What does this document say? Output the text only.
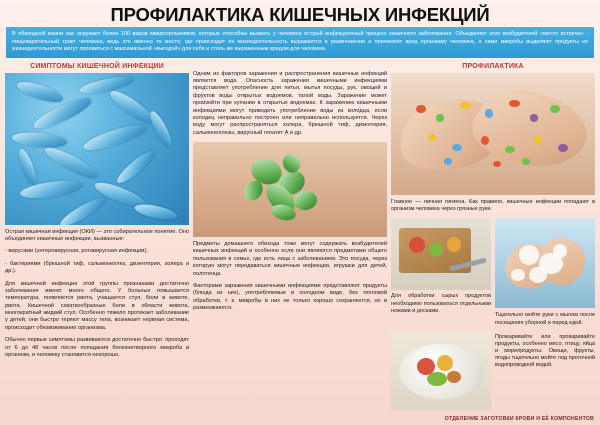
ПРОФИЛАКТИКА КИШЕЧНЫХ ИНФЕКЦИЙ
В обиходной жизни нас окружает более 100 видов микроорганизмов, которые способны вызвать у человека острый инфекционный процесс кишечного заболевания. Объединяет этих возбудителей «место встречи» - пищеварительный тракт человека, ведь это именно то место, где происходит их жизнедеятельность выражается в размножении и причиняют вред организму человека, а сами микробы выделяют продукты их жизнедеятельности могут проявиться с максимальной «выгодой» для себя и столь же выраженным вредом для человека.
СИМПТОМЫ КИШЕЧНОЙ ИНФЕКЦИИ
Острая кишечная инфекция (ОКИ) — это собирательное понятие. Оно объединяет кишечные инфекции, вызванные:
- вирусами (энтеровирусная, ротавирусная инфекции);
- бактериями (брюшной тиф, сальмонеллез, дизентерия, холера и др.).
Для кишечной инфекции этой группы признаками достаточно заболевания имеют много общего. У больных повышается температура, появляется рвота, учащается стул, боли в животе, рвота. Кишечной схваткообразные боли в области живота, многократный жидкий стул. Особенно тяжело протекает заболевание у детей, они быстро теряют массу тела, возникает нервная система, происходит обезвоживание организма.
Обычно первые симптомы развиваются достаточно быстро: проходят от 6 до 48 часов после попадания болезнетворного микроба в организм, и человеку становится нехорошо.
Одним из факторов заражения и распространения кишечных инфекций является вода. Опасность заражения кишечными инфекциями представляет употребление для питья, мытья посуды, рук, овощей и фруктов воды открытых водоемов, талой воды. Заражение может произойти при купании в открытых водоемах. К заражению кишечными инфекциями могут приводить употребление воды из колодца, если колодец неправильно построен или неправильно используется. Через воду могут распространяться холера, брюшной тиф, дизентерия, сальмонеллезы, вирусный гепатит А и др.
Предметы домашнего обихода тоже могут содержать возбудителей кишечных инфекций и особенно если они являются предметами общего пользования в семье, где есть лица с заболеванием. Это посуда, через которую могут передаваться кишечные инфекции, игрушки для детей, полотенца.
Факторами заражения кишечными инфекциями представляют продукты (блюда из них), употребляемые в холодном виде, без тепловой обработки, т. к. микробы в них не только хорошо сохраняются, но и размножаются.
ПРОФИЛАКТИКА
Главное — личная гигиена. Как правило, кишечные инфекции попадают в организм человека через грязные руки.
Для обработки сырых продуктов необходимо пользоваться отдельными ножами и досками.
Тщательно мойте руки с мылом после посещения уборной и перед едой.
Прожаривайте или проваривайте продукты, особенно мясо, птицу, яйца и морепродукты. Овощи, фрукты, ягоды тщательно мойте под проточной водопроводной водой.
ОТДЕЛЕНИЕ ЗАГОТОВКИ КРОВИ И ЕЁ КОМПОНЕНТОВ
